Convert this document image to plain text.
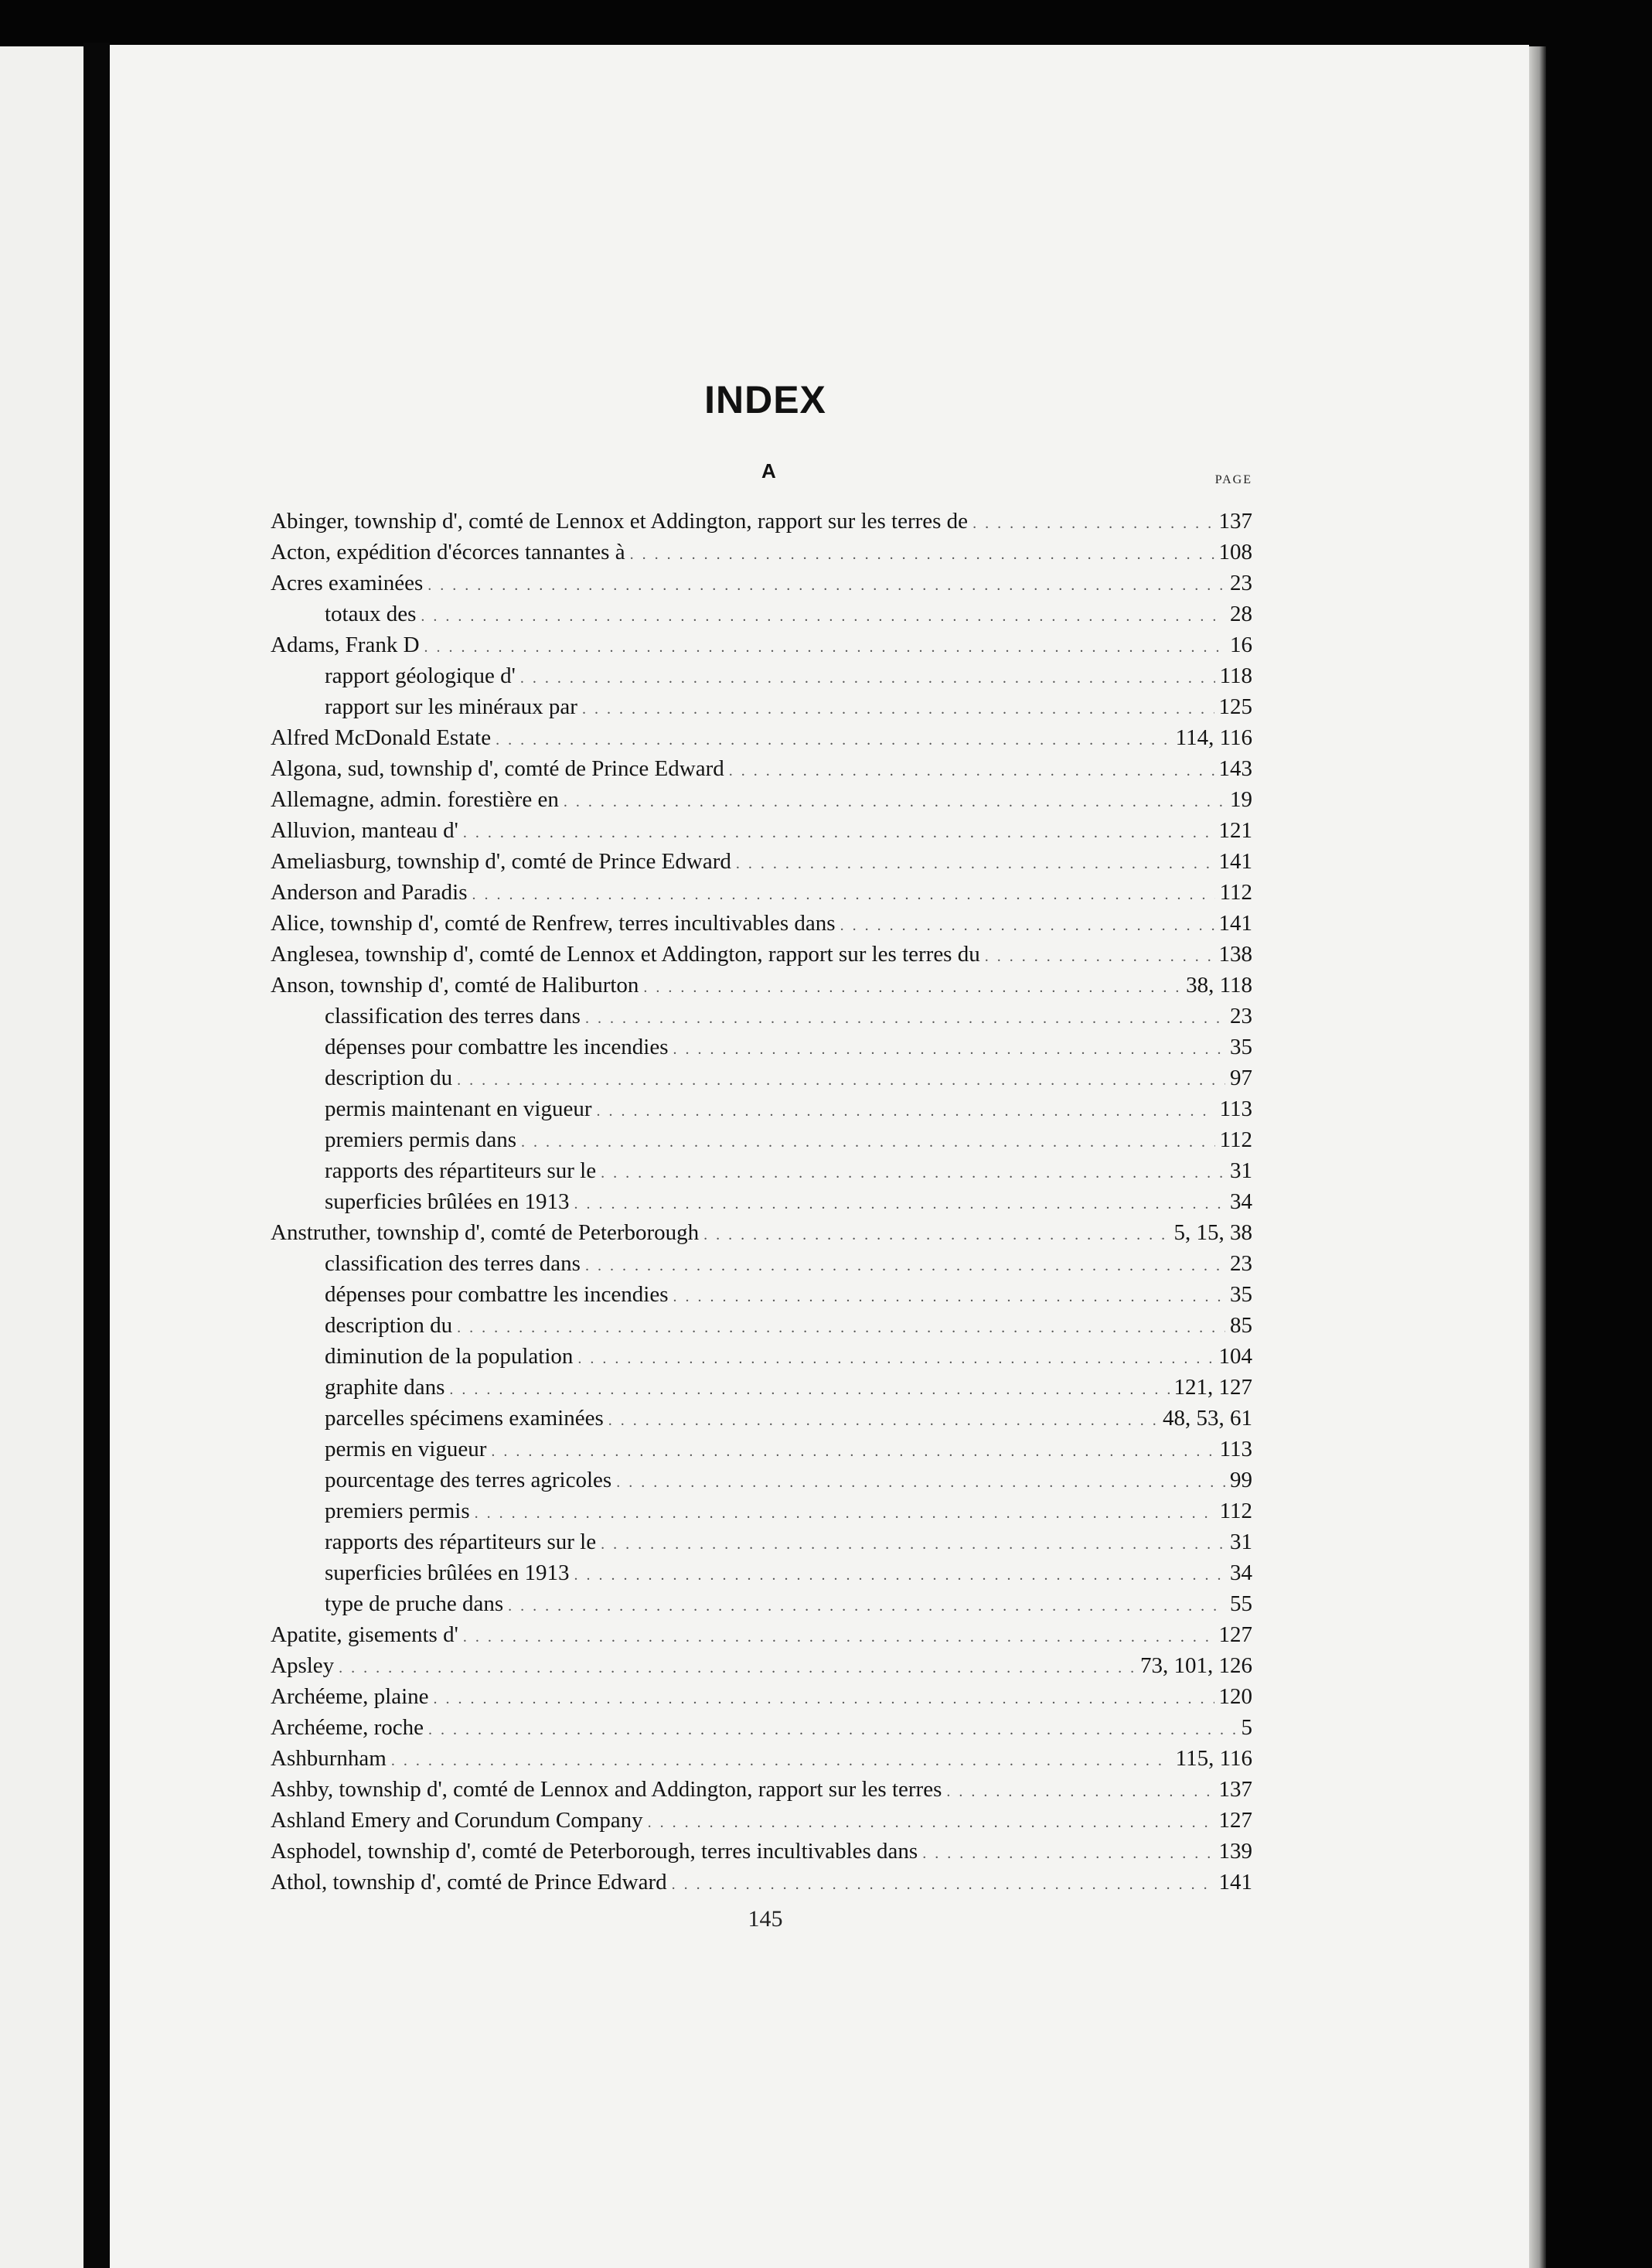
INDEX
A	PAGE
Abinger, township d', comté de Lennox et Addington, rapport sur les terres de . . .	137
Acton, expédition d'écorces tannantes à . . .	108
Acres examinées . . .	23
totaux des . . .	28
Adams, Frank D . . .	16
rapport géologique d' . . .	118
rapport sur les minéraux par . . .	125
Alfred McDonald Estate . . .	114, 116
Algona, sud, township d', comté de Prince Edward . . .	143
Allemagne, admin. forestière en . . .	19
Alluvion, manteau d' . . .	121
Ameliasburg, township d', comté de Prince Edward . . .	141
Anderson and Paradis . . .	112
Alice, township d', comté de Renfrew, terres incultivables dans . . .	141
Anglesea, township d', comté de Lennox et Addington, rapport sur les terres du . . .	138
Anson, township d', comté de Haliburton . . .	38, 118
classification des terres dans . . .	23
dépenses pour combattre les incendies . . .	35
description du . . .	97
permis maintenant en vigueur . . .	113
premiers permis dans . . .	112
rapports des répartiteurs sur le . . .	31
superficies brûlées en 1913 . . .	34
Anstruther, township d', comté de Peterborough . . .	5, 15, 38
classification des terres dans . . .	23
dépenses pour combattre les incendies . . .	35
description du . . .	85
diminution de la population . . .	104
graphite dans . . .	121, 127
parcelles spécimens examinées . . .	48, 53, 61
permis en vigueur . . .	113
pourcentage des terres agricoles . . .	99
premiers permis . . .	112
rapports des répartiteurs sur le . . .	31
superficies brûlées en 1913 . . .	34
type de pruche dans . . .	55
Apatite, gisements d' . . .	127
Apsley . . .	73, 101, 126
Archéeme, plaine . . .	120
Archéeme, roche . . .	5
Ashburnham . . .	115, 116
Ashby, township d', comté de Lennox and Addington, rapport sur les terres . . .	137
Ashland Emery and Corundum Company . . .	127
Asphodel, township d', comté de Peterborough, terres incultivables dans . . .	139
Athol, township d', comté de Prince Edward . . .	141
145
